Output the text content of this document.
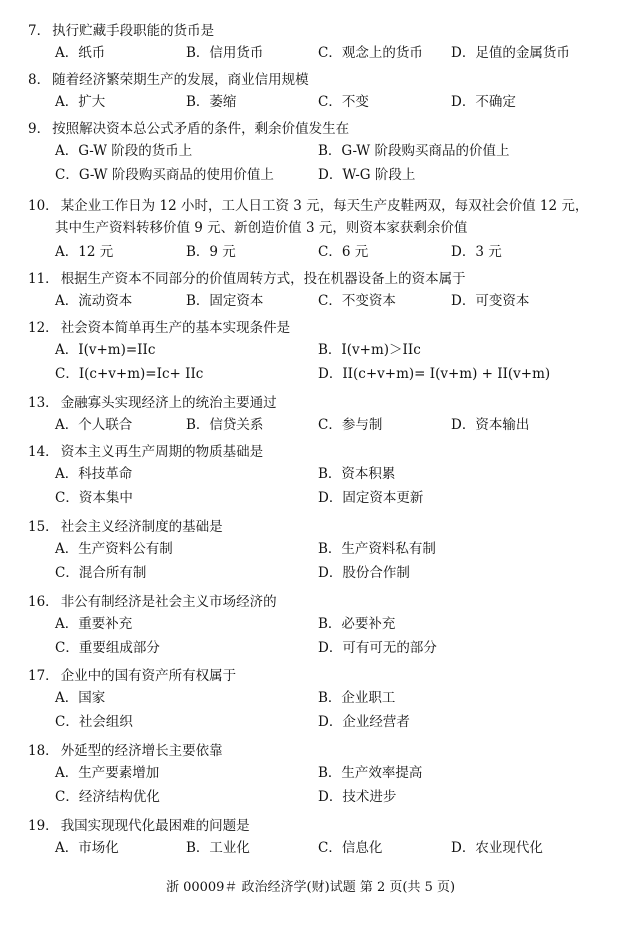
7． 执行贮藏手段职能的货币是
A．纸币	B．信用货币	C．观念上的货币 D．足值的金属货币
8． 随着经济繁荣期生产的发展，商业信用规模
A．扩大	B．萎缩	C．不变	D．不确定
9． 按照解决资本总公式矛盾的条件，剩余价值发生在
A．G-W 阶段的货币上	B．G-W 阶段购买商品的价值上
C．G-W 阶段购买商品的使用价值上	D．W-G 阶段上
10． 某企业工作日为 12 小时，工人日工资 3 元，每天生产皮鞋两双，每双社会价值 12 元，
其中生产资料转移价值 9 元、新创造价值 3 元，则资本家获剩余价值
A．12 元	B．9 元	C．6 元	D．3 元
11． 根据生产资本不同部分的价值周转方式，投在机器设备上的资本属于
A．流动资本	B．固定资本	C．不变资本	D．可变资本
12． 社会资本简单再生产的基本实现条件是
A．I(v+m)=IIc	B．I(v+m)＞IIc
C．I(c+v+m)=Ic+ IIc	D．II(c+v+m)= I(v+m) + II(v+m)
13． 金融寡头实现经济上的统治主要通过
A．个人联合	B．信贷关系	C．参与制	D．资本输出
14． 资本主义再生产周期的物质基础是
A．科技革命	B．资本积累
C．资本集中	D．固定资本更新
15． 社会主义经济制度的基础是
A．生产资料公有制	B．生产资料私有制
C．混合所有制	D．股份合作制
16． 非公有制经济是社会主义市场经济的
A．重要补充	B．必要补充
C．重要组成部分	D．可有可无的部分
17． 企业中的国有资产所有权属于
A．国家	B．企业职工
C．社会组织	D．企业经营者
18． 外延型的经济增长主要依靠
A．生产要素增加	B．生产效率提高
C．经济结构优化	D．技术进步
19． 我国实现现代化最困难的问题是
A．市场化	B．工业化	C．信息化	D．农业现代化
浙 00009＃ 政治经济学(财)试题 第 2 页(共 5 页)
